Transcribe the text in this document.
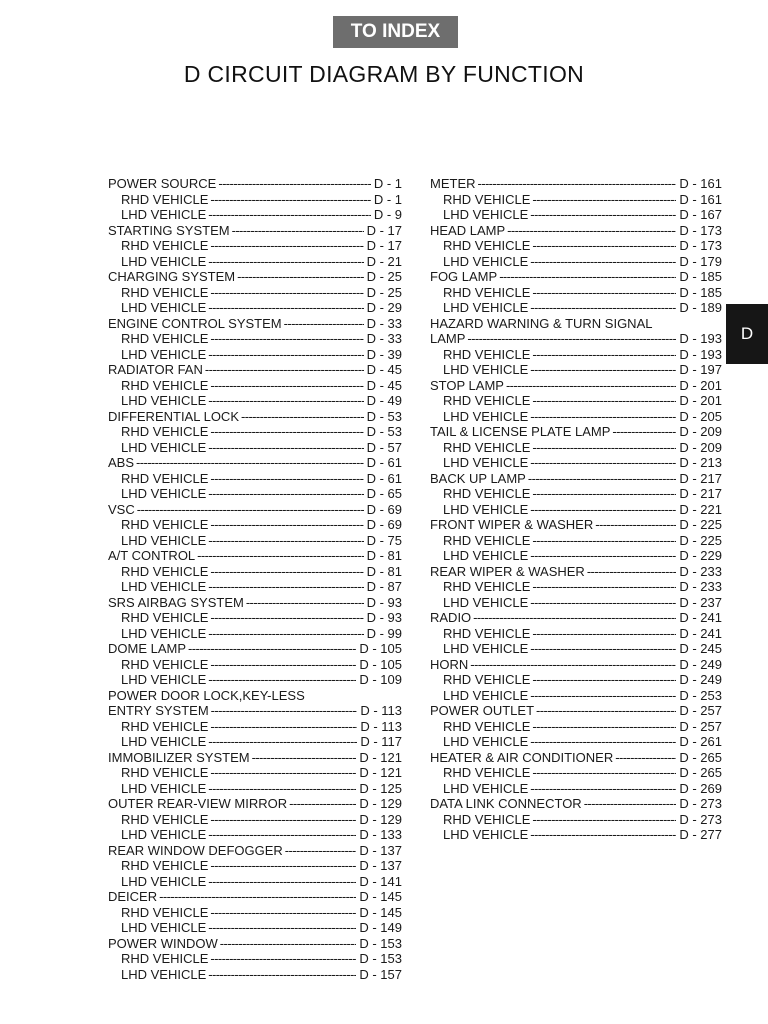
TO INDEX
D CIRCUIT DIAGRAM BY FUNCTION
D
POWER SOURCE -----	D - 1
RHD VEHICLE -----	D - 1
LHD VEHICLE -----	D - 9
STARTING SYSTEM -----	D - 17
RHD VEHICLE -----	D - 17
LHD VEHICLE -----	D - 21
CHARGING SYSTEM -----	D - 25
RHD VEHICLE -----	D - 25
LHD VEHICLE -----	D - 29
ENGINE CONTROL SYSTEM -----	D - 33
RHD VEHICLE -----	D - 33
LHD VEHICLE -----	D - 39
RADIATOR FAN -----	D - 45
RHD VEHICLE -----	D - 45
LHD VEHICLE -----	D - 49
DIFFERENTIAL LOCK -----	D - 53
RHD VEHICLE -----	D - 53
LHD VEHICLE -----	D - 57
ABS -----	D - 61
RHD VEHICLE -----	D - 61
LHD VEHICLE -----	D - 65
VSC -----	D - 69
RHD VEHICLE -----	D - 69
LHD VEHICLE -----	D - 75
A/T CONTROL -----	D - 81
RHD VEHICLE -----	D - 81
LHD VEHICLE -----	D - 87
SRS AIRBAG SYSTEM -----	D - 93
RHD VEHICLE -----	D - 93
LHD VEHICLE -----	D - 99
DOME LAMP -----	D - 105
RHD VEHICLE -----	D - 105
LHD VEHICLE -----	D - 109
POWER DOOR LOCK,KEY-LESS
ENTRY SYSTEM -----	D - 113
RHD VEHICLE -----	D - 113
LHD VEHICLE -----	D - 117
IMMOBILIZER SYSTEM -----	D - 121
RHD VEHICLE -----	D - 121
LHD VEHICLE -----	D - 125
OUTER REAR-VIEW MIRROR -----	D - 129
RHD VEHICLE -----	D - 129
LHD VEHICLE -----	D - 133
REAR WINDOW DEFOGGER -----	D - 137
RHD VEHICLE -----	D - 137
LHD VEHICLE -----	D - 141
DEICER -----	D - 145
RHD VEHICLE -----	D - 145
LHD VEHICLE -----	D - 149
POWER WINDOW -----	D - 153
RHD VEHICLE -----	D - 153
LHD VEHICLE -----	D - 157
METER -----	D - 161
RHD VEHICLE -----	D - 161
LHD VEHICLE -----	D - 167
HEAD LAMP -----	D - 173
RHD VEHICLE -----	D - 173
LHD VEHICLE -----	D - 179
FOG LAMP -----	D - 185
RHD VEHICLE -----	D - 185
LHD VEHICLE -----	D - 189
HAZARD WARNING & TURN SIGNAL
LAMP -----	D - 193
RHD VEHICLE -----	D - 193
LHD VEHICLE -----	D - 197
STOP LAMP -----	D - 201
RHD VEHICLE -----	D - 201
LHD VEHICLE -----	D - 205
TAIL & LICENSE PLATE LAMP -----	D - 209
RHD VEHICLE -----	D - 209
LHD VEHICLE -----	D - 213
BACK UP LAMP -----	D - 217
RHD VEHICLE -----	D - 217
LHD VEHICLE -----	D - 221
FRONT WIPER & WASHER -----	D - 225
RHD VEHICLE -----	D - 225
LHD VEHICLE -----	D - 229
REAR WIPER & WASHER -----	D - 233
RHD VEHICLE -----	D - 233
LHD VEHICLE -----	D - 237
RADIO -----	D - 241
RHD VEHICLE -----	D - 241
LHD VEHICLE -----	D - 245
HORN -----	D - 249
RHD VEHICLE -----	D - 249
LHD VEHICLE -----	D - 253
POWER OUTLET -----	D - 257
RHD VEHICLE -----	D - 257
LHD VEHICLE -----	D - 261
HEATER & AIR CONDITIONER -----	D - 265
RHD VEHICLE -----	D - 265
LHD VEHICLE -----	D - 269
DATA LINK CONNECTOR -----	D - 273
RHD VEHICLE -----	D - 273
LHD VEHICLE -----	D - 277
